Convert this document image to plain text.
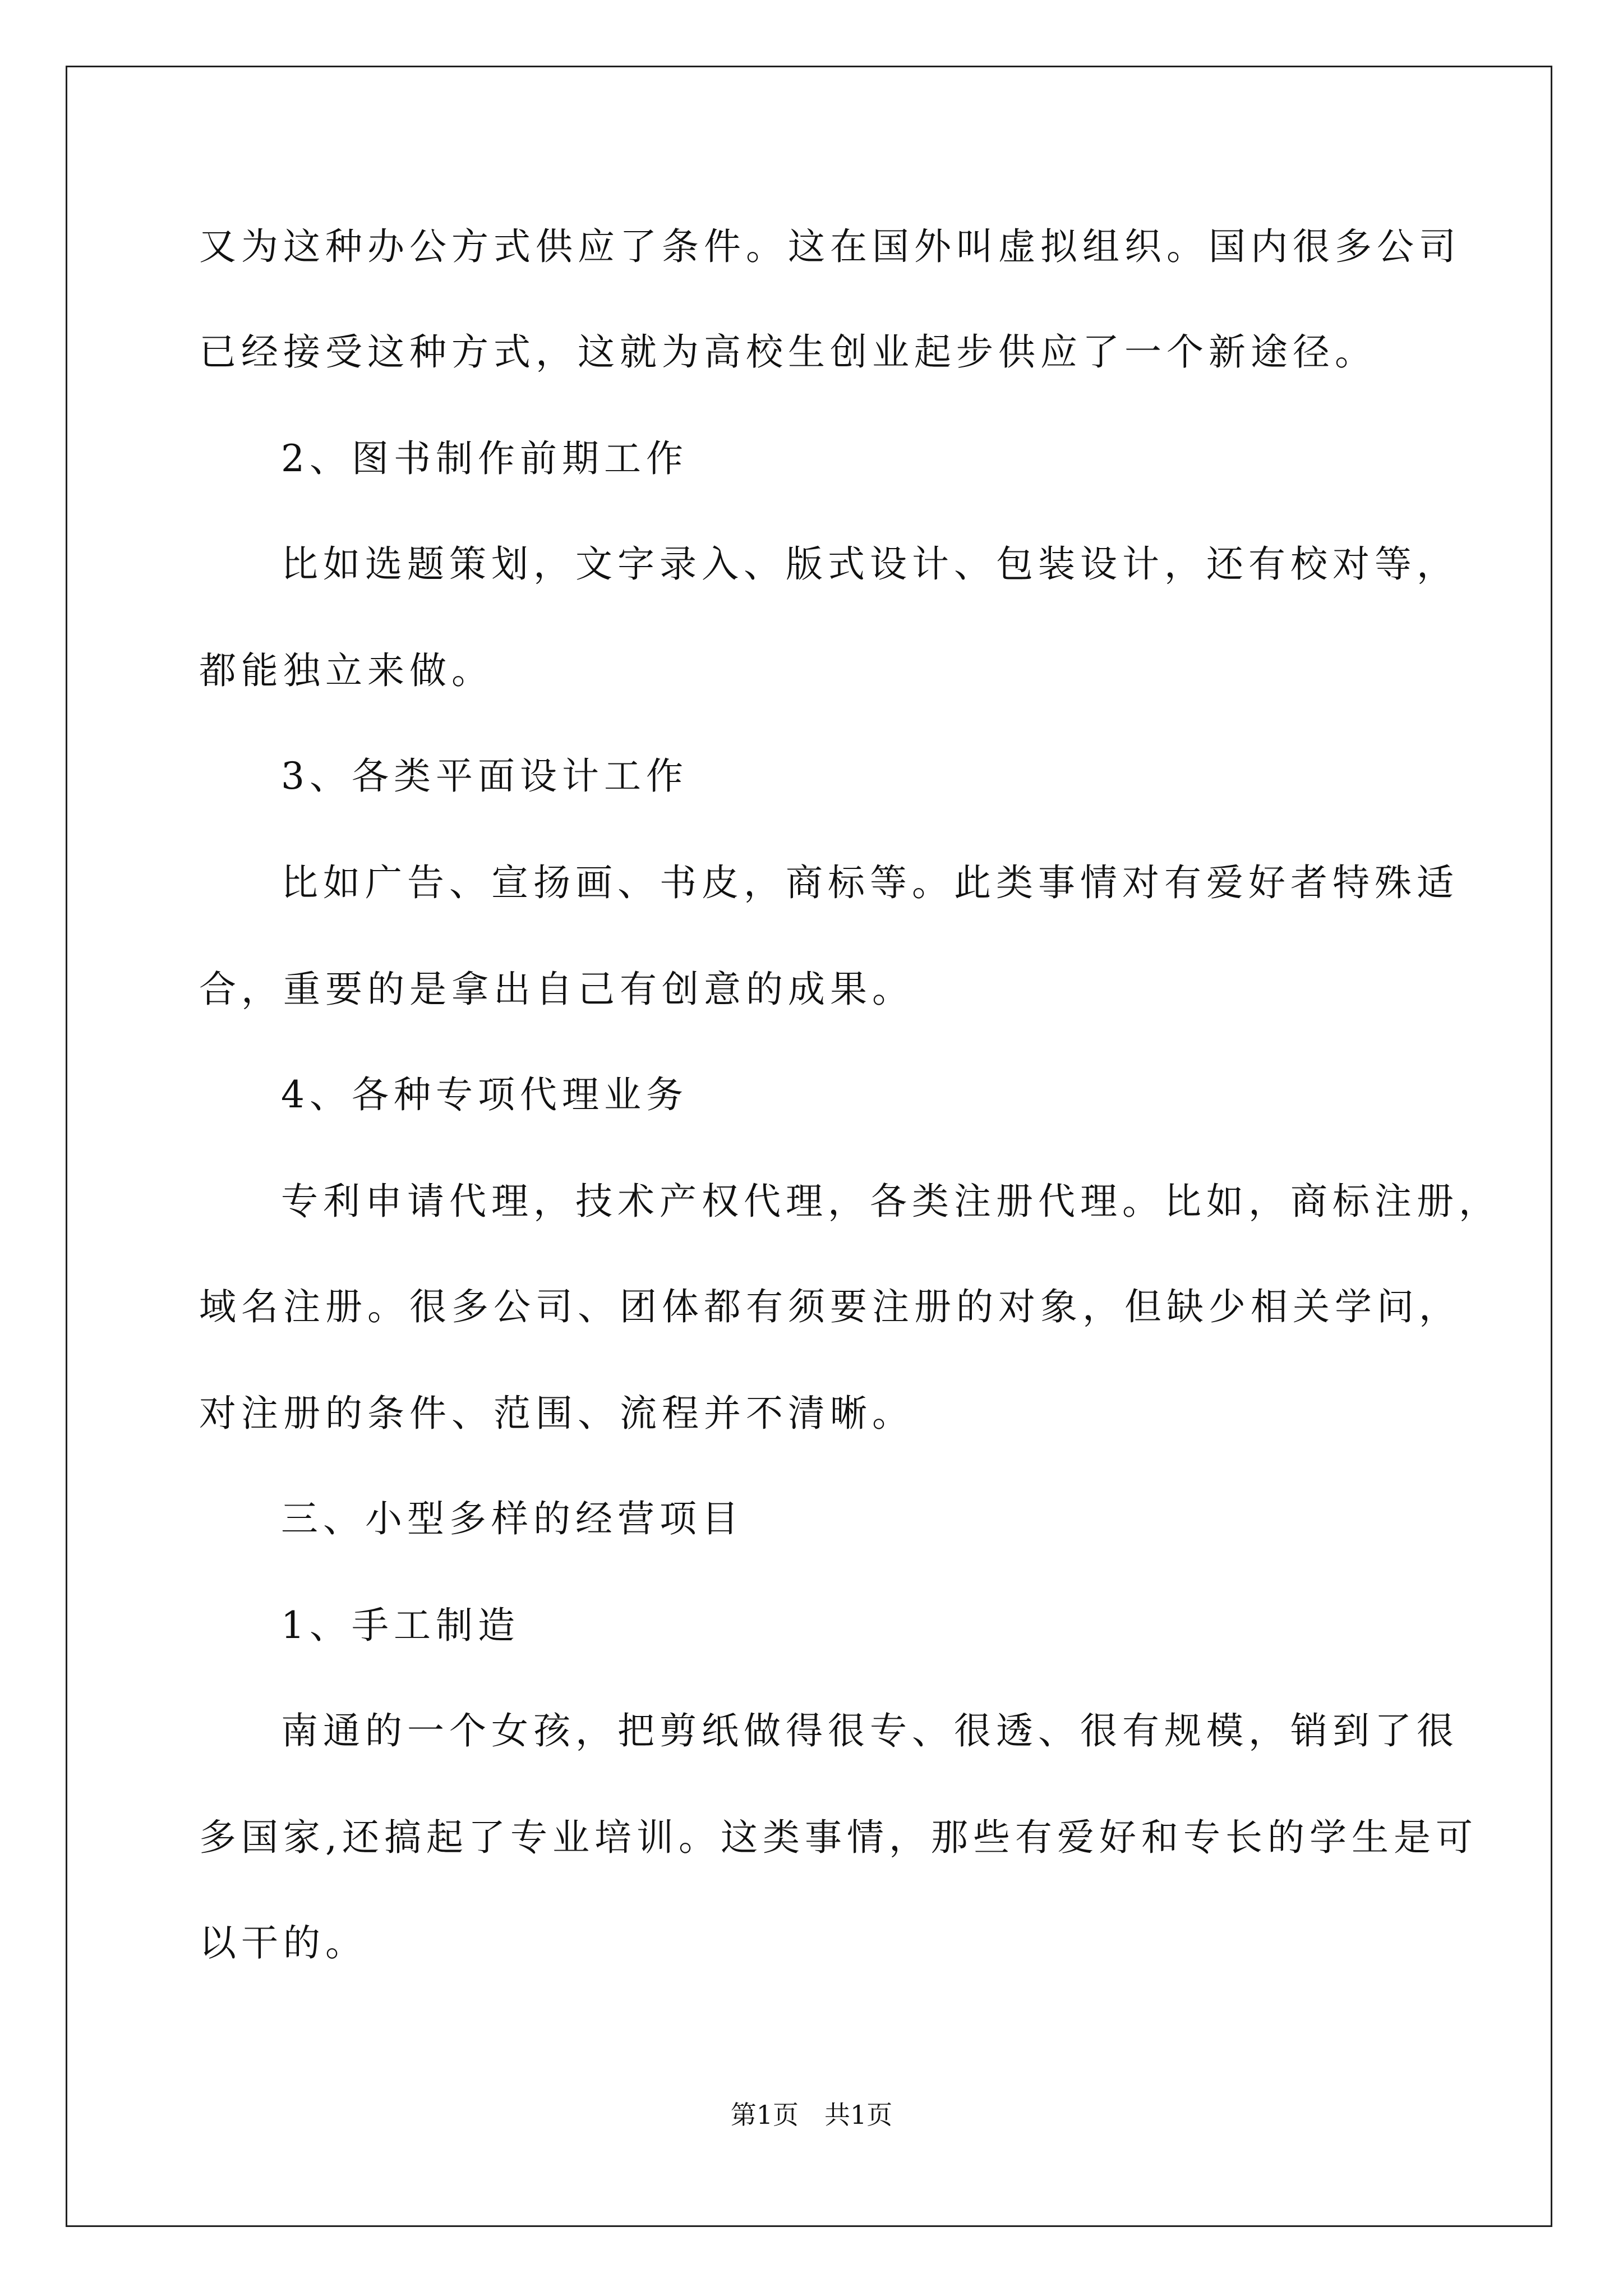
又为这种办公方式供应了条件。这在国外叫虚拟组织。国内很多公司
已经接受这种方式，这就为高校生创业起步供应了一个新途径。
2、图书制作前期工作
比如选题策划，文字录入、版式设计、包装设计，还有校对等，
都能独立来做。
3、各类平面设计工作
比如广告、宣扬画、书皮，商标等。此类事情对有爱好者特殊适
合，重要的是拿出自己有创意的成果。
4、各种专项代理业务
专利申请代理，技术产权代理，各类注册代理。比如，商标注册，
域名注册。很多公司、团体都有须要注册的对象，但缺少相关学问，
对注册的条件、范围、流程并不清晰。
三、小型多样的经营项目
1、手工制造
南通的一个女孩，把剪纸做得很专、很透、很有规模，销到了很
多国家,还搞起了专业培训。这类事情，那些有爱好和专长的学生是可
以干的。
第1页　共1页
